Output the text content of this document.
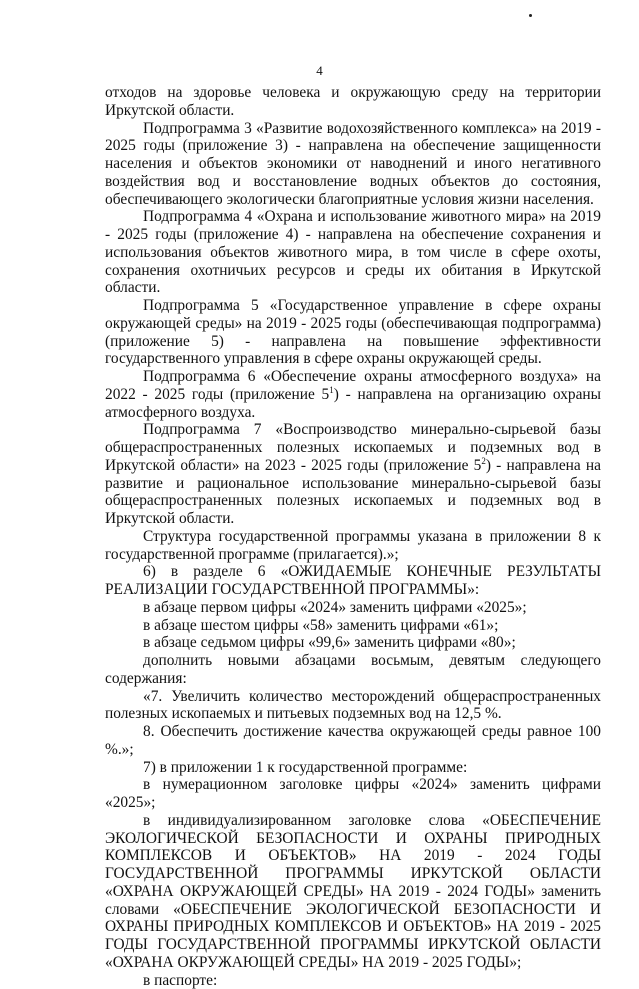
4

отходов на здоровье человека и окружающую среду на территории Иркутской области.

Подпрограмма 3 «Развитие водохозяйственного комплекса» на 2019 - 2025 годы (приложение 3) - направлена на обеспечение защищенности населения и объектов экономики от наводнений и иного негативного воздействия вод и восстановление водных объектов до состояния, обеспечивающего экологически благоприятные условия жизни населения.

Подпрограмма 4 «Охрана и использование животного мира» на 2019 - 2025 годы (приложение 4) - направлена на обеспечение сохранения и использования объектов животного мира, в том числе в сфере охоты, сохранения охотничьих ресурсов и среды их обитания в Иркутской области.

Подпрограмма 5 «Государственное управление в сфере охраны окружающей среды» на 2019 - 2025 годы (обеспечивающая подпрограмма) (приложение 5) - направлена на повышение эффективности государственного управления в сфере охраны окружающей среды.

Подпрограмма 6 «Обеспечение охраны атмосферного воздуха» на 2022 - 2025 годы (приложение $5^1$) - направлена на организацию охраны атмосферного воздуха.

Подпрограмма 7 «Воспроизводство минерально-сырьевой базы общераспространенных полезных ископаемых и подземных вод в Иркутской области» на 2023 - 2025 годы (приложение $5^2$) - направлена на развитие и рациональное использование минерально-сырьевой базы общераспространенных полезных ископаемых и подземных вод в Иркутской области.

Структура государственной программы указана в приложении 8 к государственной программе (прилагается).»;

6) в разделе 6 «ОЖИДАЕМЫЕ КОНЕЧНЫЕ РЕЗУЛЬТАТЫ РЕАЛИЗАЦИИ ГОСУДАРСТВЕННОЙ ПРОГРАММЫ»:

в абзаце первом цифры «2024» заменить цифрами «2025»;

в абзаце шестом цифры «58» заменить цифрами «61»;

в абзаце седьмом цифры «99,6» заменить цифрами «80»;

дополнить новыми абзацами восьмым, девятым следующего содержания:

«7. Увеличить количество месторождений общераспространенных полезных ископаемых и питьевых подземных вод на 12,5 %.

8. Обеспечить достижение качества окружающей среды равное 100 %.»;

7) в приложении 1 к государственной программе:

в нумерационном заголовке цифры «2024» заменить цифрами «2025»;

в индивидуализированном заголовке слова «ОБЕСПЕЧЕНИЕ ЭКОЛОГИЧЕСКОЙ БЕЗОПАСНОСТИ И ОХРАНЫ ПРИРОДНЫХ КОМПЛЕКСОВ И ОБЪЕКТОВ» НА 2019 - 2024 ГОДЫ ГОСУДАРСТВЕННОЙ ПРОГРАММЫ ИРКУТСКОЙ ОБЛАСТИ «ОХРАНА ОКРУЖАЮЩЕЙ СРЕДЫ» НА 2019 - 2024 ГОДЫ» заменить словами «ОБЕСПЕЧЕНИЕ ЭКОЛОГИЧЕСКОЙ БЕЗОПАСНОСТИ И ОХРАНЫ ПРИРОДНЫХ КОМПЛЕКСОВ И ОБЪЕКТОВ» НА 2019 - 2025 ГОДЫ ГОСУДАРСТВЕННОЙ ПРОГРАММЫ ИРКУТСКОЙ ОБЛАСТИ «ОХРАНА ОКРУЖАЮЩЕЙ СРЕДЫ» НА 2019 - 2025 ГОДЫ»;

в паспорте:
